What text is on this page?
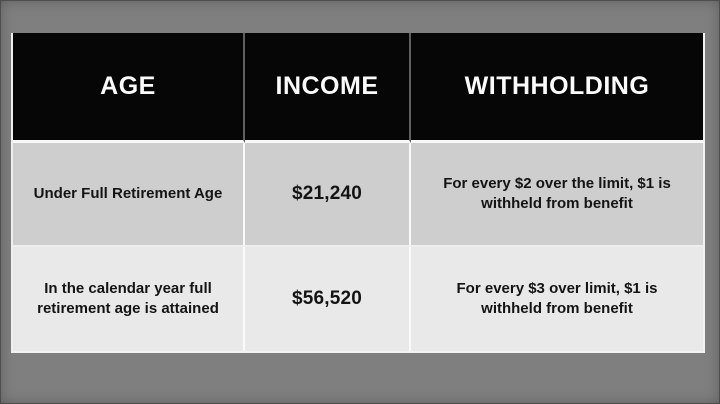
AGE	INCOME	WITHHOLDING
Under Full Retirement Age	$21,240	For every $2 over the limit, $1 is withheld from benefit
In the calendar year full retirement age is attained	$56,520	For every $3 over limit, $1 is withheld from benefit
